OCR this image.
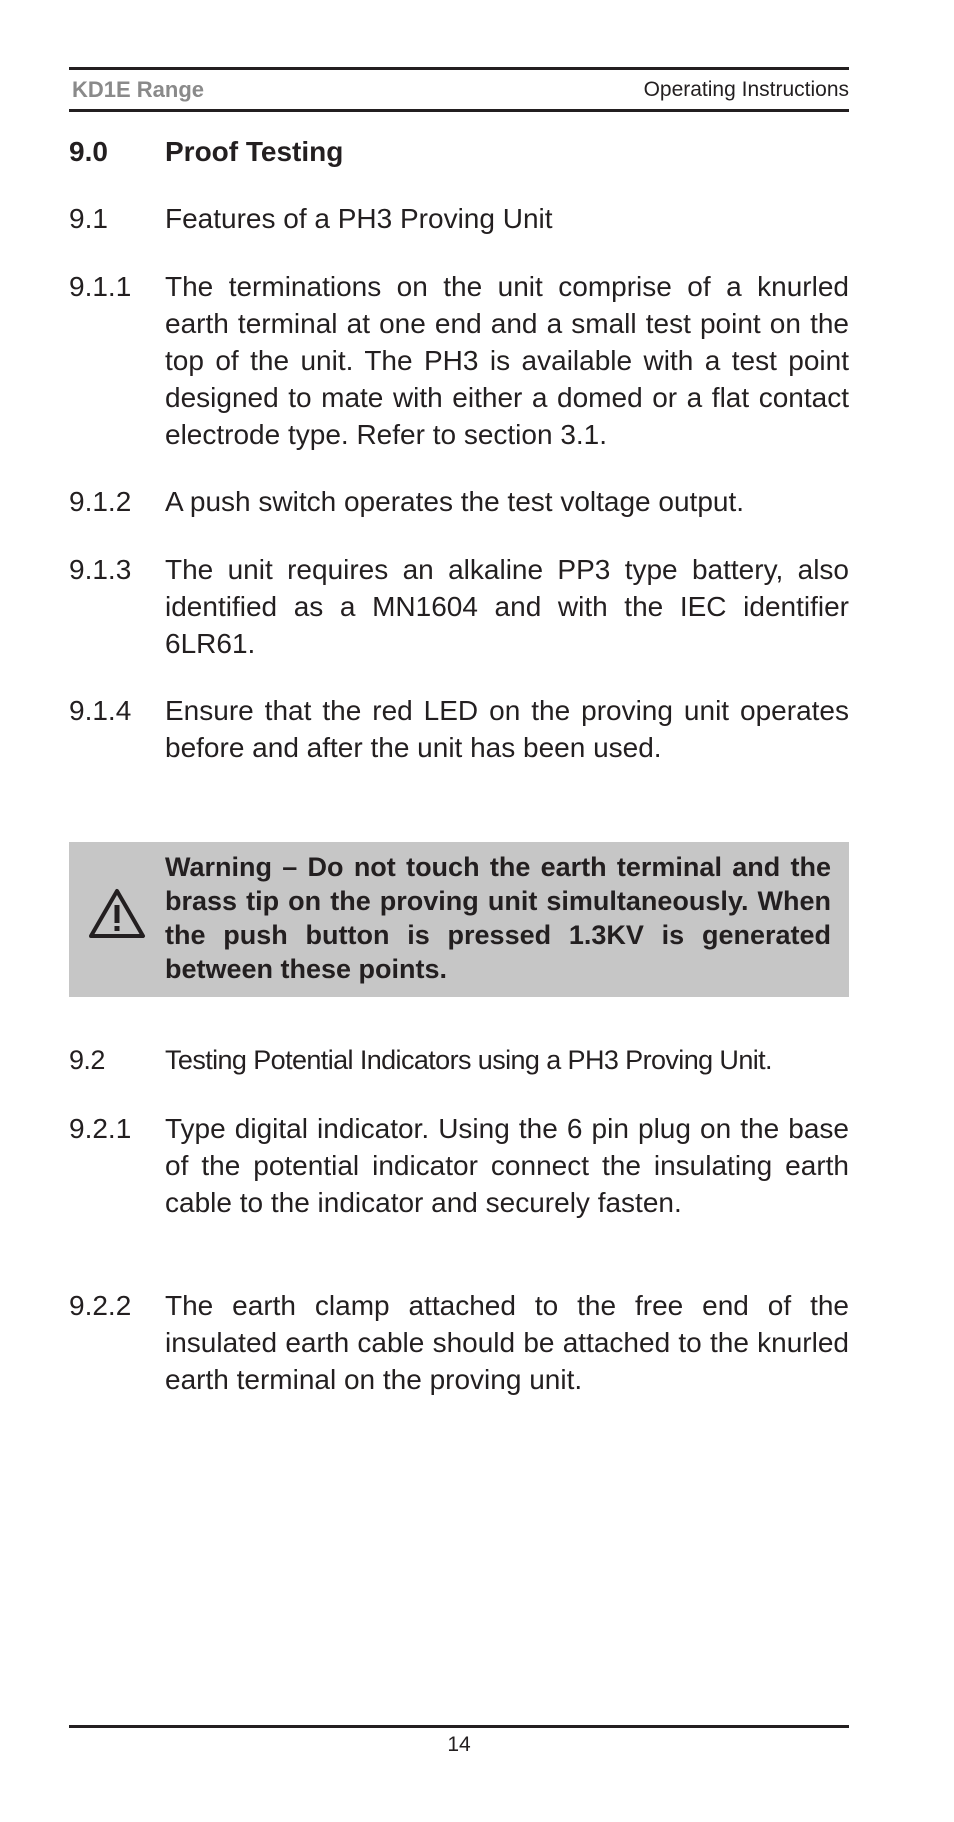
KD1E Range	Operating Instructions
9.0 Proof Testing
9.1 Features of a PH3 Proving Unit
9.1.1 The terminations on the unit comprise of a knurled earth terminal at one end and a small test point on the top of the unit. The PH3 is available with a test point designed to mate with either a domed or a flat contact electrode type. Refer to section 3.1.
9.1.2 A push switch operates the test voltage output.
9.1.3 The unit requires an alkaline PP3 type battery, also identified as a MN1604 and with the IEC identifier 6LR61.
9.1.4 Ensure that the red LED on the proving unit operates before and after the unit has been used.
Warning – Do not touch the earth terminal and the brass tip on the proving unit simultaneously. When the push button is pressed 1.3KV is generated between these points.
9.2 Testing Potential Indicators using a PH3 Proving Unit.
9.2.1 Type digital indicator. Using the 6 pin plug on the base of the potential indicator connect the insulating earth cable to the indicator and securely fasten.
9.2.2 The earth clamp attached to the free end of the insulated earth cable should be attached to the knurled earth terminal on the proving unit.
14
